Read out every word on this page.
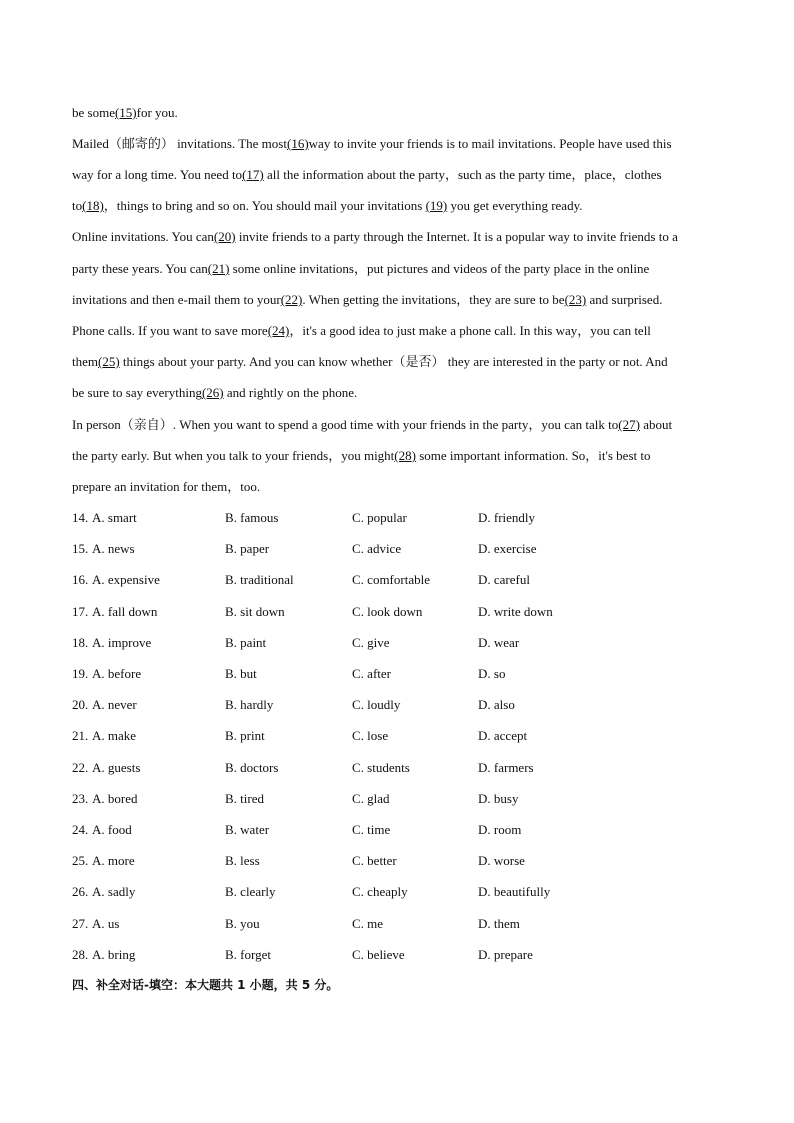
be some(15)for you.
Mailed（邮寄的） invitations. The most(16)way to invite your friends is to mail invitations. People have used this
way for a long time. You need to(17) all the information about the party，such as the party time，place，clothes
to(18)，things to bring and so on. You should mail your invitations (19) you get everything ready.
Online invitations. You can(20) invite friends to a party through the Internet. It is a popular way to invite friends to a
party these years. You can(21) some online invitations，put pictures and videos of the party place in the online
invitations and then e-mail them to your(22). When getting the invitations，they are sure to be(23) and surprised.
Phone calls. If you want to save more(24)，it's a good idea to just make a phone call. In this way，you can tell
them(25) things about your party. And you can know whether（是否） they are interested in the party or not. And
be sure to say everything(26) and rightly on the phone.
In person（亲自）. When you want to spend a good time with your friends in the party，you can talk to(27) about
the party early. But when you talk to your friends，you might(28) some important information. So，it's best to
prepare an invitation for them，too.
14. A. smart	B. famous	C. popular	D. friendly
15. A. news	B. paper	C. advice	D. exercise
16. A. expensive	B. traditional	C. comfortable	D. careful
17. A. fall down	B. sit down	C. look down	D. write down
18. A. improve	B. paint	C. give	D. wear
19. A. before	B. but	C. after	D. so
20. A. never	B. hardly	C. loudly	D. also
21. A. make	B. print	C. lose	D. accept
22. A. guests	B. doctors	C. students	D. farmers
23. A. bored	B. tired	C. glad	D. busy
24. A. food	B. water	C. time	D. room
25. A. more	B. less	C. better	D. worse
26. A. sadly	B. clearly	C. cheaply	D. beautifully
27. A. us	B. you	C. me	D. them
28. A. bring	B. forget	C. believe	D. prepare
四、补全对话-填空：本大题共 1 小题，共 5 分。
